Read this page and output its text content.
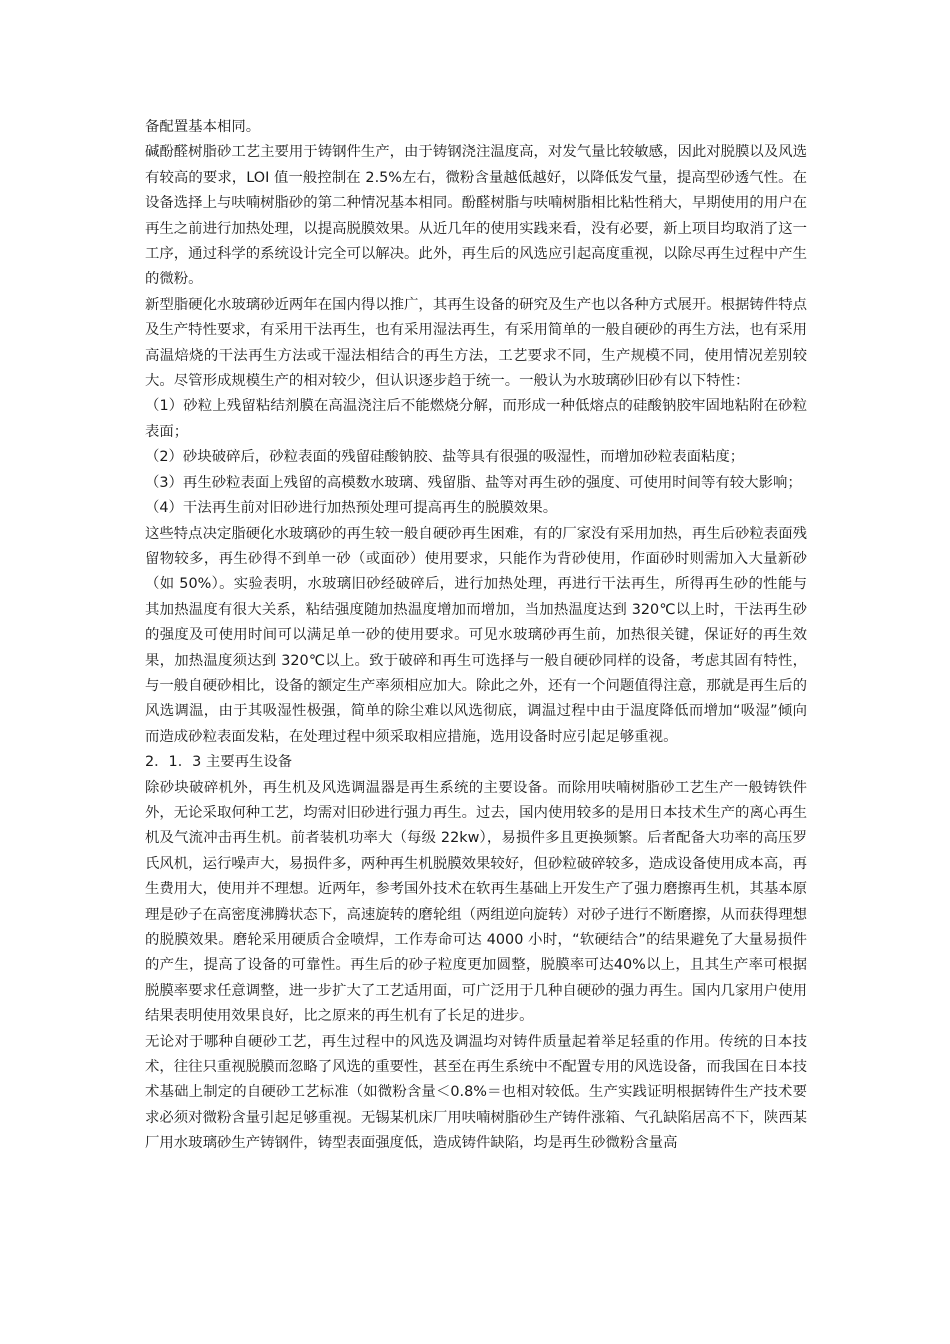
备配置基本相同。

碱酚醛树脂砂工艺主要用于铸钢件生产，由于铸钢浇注温度高，对发气量比较敏感，因此对脱膜以及风选有较高的要求，LOI 值一般控制在 2.5%左右，微粉含量越低越好，以降低发气量，提高型砂透气性。在设备选择上与呋喃树脂砂的第二种情况基本相同。酚醛树脂与呋喃树脂相比粘性稍大，早期使用的用户在再生之前进行加热处理，以提高脱膜效果。从近几年的使用实践来看，没有必要，新上项目均取消了这一工序，通过科学的系统设计完全可以解决。此外，再生后的风选应引起高度重视，以除尽再生过程中产生的微粉。

新型脂硬化水玻璃砂近两年在国内得以推广，其再生设备的研究及生产也以各种方式展开。根据铸件特点及生产特性要求，有采用干法再生，也有采用湿法再生，有采用简单的一般自硬砂的再生方法，也有采用高温焙烧的干法再生方法或干湿法相结合的再生方法，工艺要求不同，生产规模不同，使用情况差别较大。尽管形成规模生产的相对较少，但认识逐步趋于统一。一般认为水玻璃砂旧砂有以下特性：

（1）砂粒上残留粘结剂膜在高温浇注后不能燃烧分解，而形成一种低熔点的硅酸钠胶牢固地粘附在砂粒表面；

（2）砂块破碎后，砂粒表面的残留硅酸钠胶、盐等具有很强的吸湿性，而增加砂粒表面粘度；

（3）再生砂粒表面上残留的高模数水玻璃、残留脂、盐等对再生砂的强度、可使用时间等有较大影响；

（4）干法再生前对旧砂进行加热预处理可提高再生的脱膜效果。

这些特点决定脂硬化水玻璃砂的再生较一般自硬砂再生困难，有的厂家没有采用加热，再生后砂粒表面残留物较多，再生砂得不到单一砂（或面砂）使用要求，只能作为背砂使用，作面砂时则需加入大量新砂（如 50%）。实验表明，水玻璃旧砂经破碎后，进行加热处理，再进行干法再生，所得再生砂的性能与其加热温度有很大关系，粘结强度随加热温度增加而增加，当加热温度达到 320℃以上时，干法再生砂的强度及可使用时间可以满足单一砂的使用要求。可见水玻璃砂再生前，加热很关键，保证好的再生效果，加热温度须达到 320℃以上。致于破碎和再生可选择与一般自硬砂同样的设备，考虑其固有特性，与一般自硬砂相比，设备的额定生产率须相应加大。除此之外，还有一个问题值得注意，那就是再生后的风选调温，由于其吸湿性极强，简单的除尘难以风选彻底，调温过程中由于温度降低而增加“吸湿”倾向而造成砂粒表面发粘，在处理过程中须采取相应措施，选用设备时应引起足够重视。

2．1．3 主要再生设备

除砂块破碎机外，再生机及风选调温器是再生系统的主要设备。而除用呋喃树脂砂工艺生产一般铸铁件外，无论采取何种工艺，均需对旧砂进行强力再生。过去，国内使用较多的是用日本技术生产的离心再生机及气流冲击再生机。前者装机功率大（每级 22kw），易损件多且更换频繁。后者配备大功率的高压罗氏风机，运行噪声大，易损件多，两种再生机脱膜效果较好，但砂粒破碎较多，造成设备使用成本高，再生费用大，使用并不理想。近两年，参考国外技术在软再生基础上开发生产了强力磨擦再生机，其基本原理是砂子在高密度沸腾状态下，高速旋转的磨轮组（两组逆向旋转）对砂子进行不断磨擦，从而获得理想的脱膜效果。磨轮采用硬质合金喷焊，工作寿命可达 4000 小时，“软硬结合”的结果避免了大量易损件的产生，提高了设备的可靠性。再生后的砂子粒度更加圆整，脱膜率可达40%以上，且其生产率可根据脱膜率要求任意调整，进一步扩大了工艺适用面，可广泛用于几种自硬砂的强力再生。国内几家用户使用结果表明使用效果良好，比之原来的再生机有了长足的进步。

无论对于哪种自硬砂工艺，再生过程中的风选及调温均对铸件质量起着举足轻重的作用。传统的日本技术，往往只重视脱膜而忽略了风选的重要性，甚至在再生系统中不配置专用的风选设备，而我国在日本技术基础上制定的自硬砂工艺标准（如微粉含量＜0.8%＝也相对较低。生产实践证明根据铸件生产技术要求必须对微粉含量引起足够重视。无锡某机床厂用呋喃树脂砂生产铸件涨箱、气孔缺陷居高不下，陕西某厂用水玻璃砂生产铸钢件，铸型表面强度低，造成铸件缺陷，均是再生砂微粉含量高
